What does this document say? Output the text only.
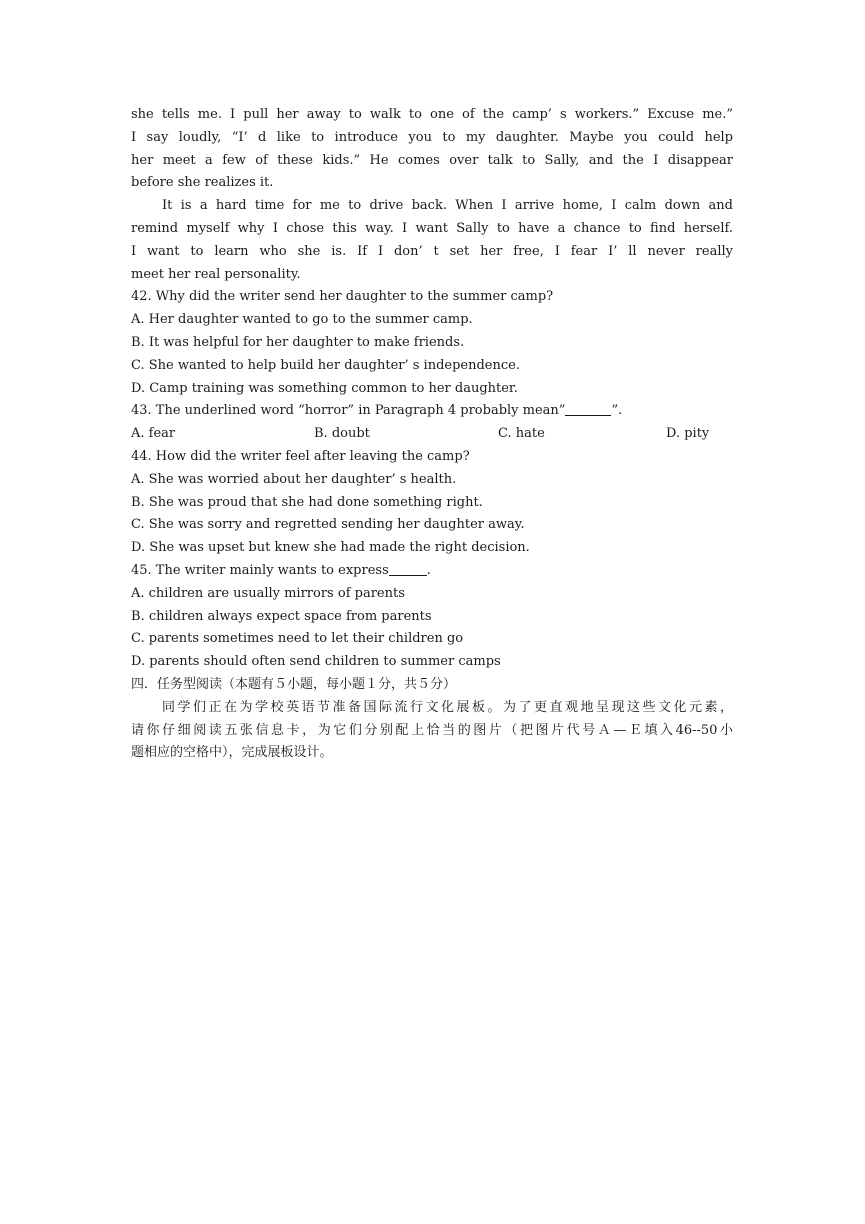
she tells me. I pull her away to walk to one of the camp’ s workers.” Excuse me.”
I say loudly, “I’ d like to introduce you to my daughter. Maybe you could help
her meet a few of these kids.” He comes over talk to Sally, and the I disappear
before she realizes it.
It is a hard time for me to drive back. When I arrive home, I calm down and
remind myself why I chose this way. I want Sally to have a chance to find herself.
I want to learn who she is. If I don’ t set her free, I fear I’ ll never really
meet her real personality.
42. Why did the writer send her daughter to the summer camp?
A. Her daughter wanted to go to the summer camp.
B. It was helpful for her daughter to make friends.
C. She wanted to help build her daughter’ s independence.
D. Camp training was something common to her daughter.
43. The underlined word “horror” in Paragraph 4 probably mean”	”.
A. fear	B. doubt	C. hate	D. pity
44. How did the writer feel after leaving the camp?
A. She was worried about her daughter’ s health.
B. She was proud that she had done something right.
C. She was sorry and regretted sending her daughter away.
D. She was upset but knew she had made the right decision.
45. The writer mainly wants to express	.
A. children are usually mirrors of parents
B. children always expect space from parents
C. parents sometimes need to let their children go
D. parents should often send children to summer camps
四．任务型阅读（本题有５小题，每小题１分，共５分）
同学们正在为学校英语节准备国际流行文化展板。为了更直观地呈现这些文化元素，
请你仔细阅读五张信息卡，为它们分别配上恰当的图片（把图片代号Ａ—Ｅ填入46--50小
题相应的空格中），完成展板设计。
